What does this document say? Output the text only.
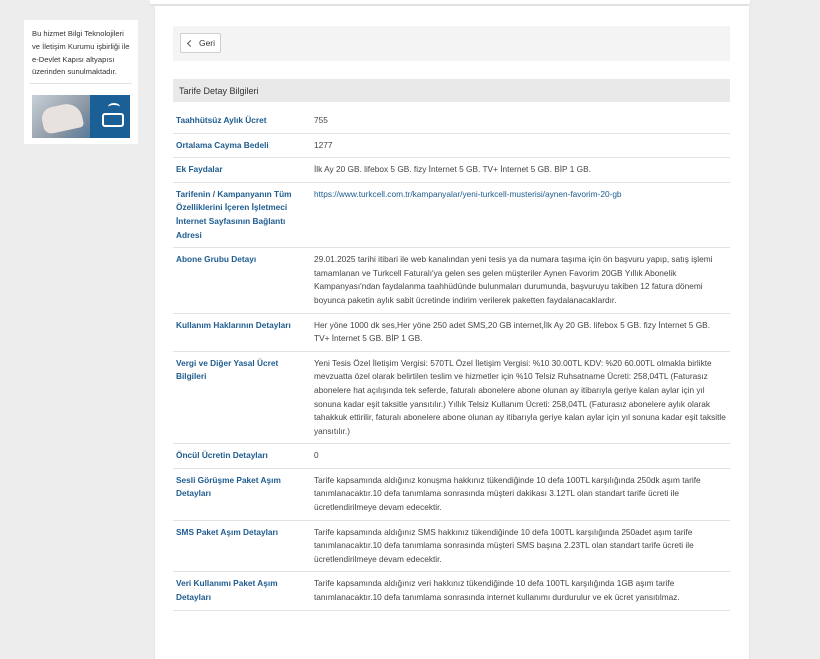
Bu hizmet Bilgi Teknolojileri ve İletişim Kurumu işbirliği ile e-Devlet Kapısı altyapısı üzerinden sunulmaktadır.
Geri
Tarife Detay Bilgileri
Taahhütsüz Aylık Ücret	755
Ortalama Cayma Bedeli	1277
Ek Faydalar	İlk Ay 20 GB. lifebox 5 GB. fizy İnternet 5 GB. TV+ İnternet 5 GB. BİP 1 GB.
Tarifenin / Kampanyanın Tüm Özelliklerini İçeren İşletmeci İnternet Sayfasının Bağlantı Adresi	https://www.turkcell.com.tr/kampanyalar/yeni-turkcell-musterisi/aynen-favorim-20-gb
Abone Grubu Detayı	29.01.2025 tarihi itibari ile web kanalından yeni tesis ya da numara taşıma için ön başvuru yapıp, satış işlemi tamamlanan ve Turkcell Faturalı'ya gelen ses gelen müşteriler Aynen Favorim 20GB Yıllık Abonelik Kampanyası'ndan faydalanma taahhüdünde bulunmaları durumunda, başvuruyu takiben 12 fatura dönemi boyunca paketin aylık sabit ücretinde indirim verilerek paketten faydalanacaklardır.
Kullanım Haklarının Detayları	Her yöne 1000 dk ses,Her yöne 250 adet SMS,20 GB internet,İlk Ay 20 GB. lifebox 5 GB. fizy İnternet 5 GB. TV+ İnternet 5 GB. BİP 1 GB.
Vergi ve Diğer Yasal Ücret Bilgileri	Yeni Tesis Özel İletişim Vergisi: 570TL Özel İletişim Vergisi: %10 30.00TL KDV: %20 60.00TL olmakla birlikte mevzuatta özel olarak belirtilen teslim ve hizmetler için %10 Telsiz Ruhsatname Ücreti: 258,04TL (Faturasız abonelere hat açılışında tek seferde, faturalı abonelere abone olunan ay itibarıyla geriye kalan aylar için yıl sonuna kadar eşit taksitle yansıtılır.) Yıllık Telsiz Kullanım Ücreti: 258,04TL (Faturasız abonelere aylık olarak tahakkuk ettirilir, faturalı abonelere abone olunan ay itibarıyla geriye kalan aylar için yıl sonuna kadar eşit taksitle yansıtılır.)
Öncül Ücretin Detayları	0
Sesli Görüşme Paket Aşım Detayları	Tarife kapsamında aldığınız konuşma hakkınız tükendiğinde 10 defa 100TL karşılığında 250dk aşım tarife tanımlanacaktır.10 defa tanımlama sonrasında müşteri dakikası 3.12TL olan standart tarife ücreti ile ücretlendirilmeye devam edecektir.
SMS Paket Aşım Detayları	Tarife kapsamında aldığınız SMS hakkınız tükendiğinde 10 defa 100TL karşılığında 250adet aşım tarife tanımlanacaktır.10 defa tanımlama sonrasında müşteri SMS başına 2.23TL olan standart tarife ücreti ile ücretlendirilmeye devam edecektir.
Veri Kullanımı Paket Aşım Detayları	Tarife kapsamında aldığınız veri hakkınız tükendiğinde 10 defa 100TL karşılığında 1GB aşım tarife tanımlanacaktır.10 defa tanımlama sonrasında internet kullanımı durdurulur ve ek ücret yansıtılmaz.
